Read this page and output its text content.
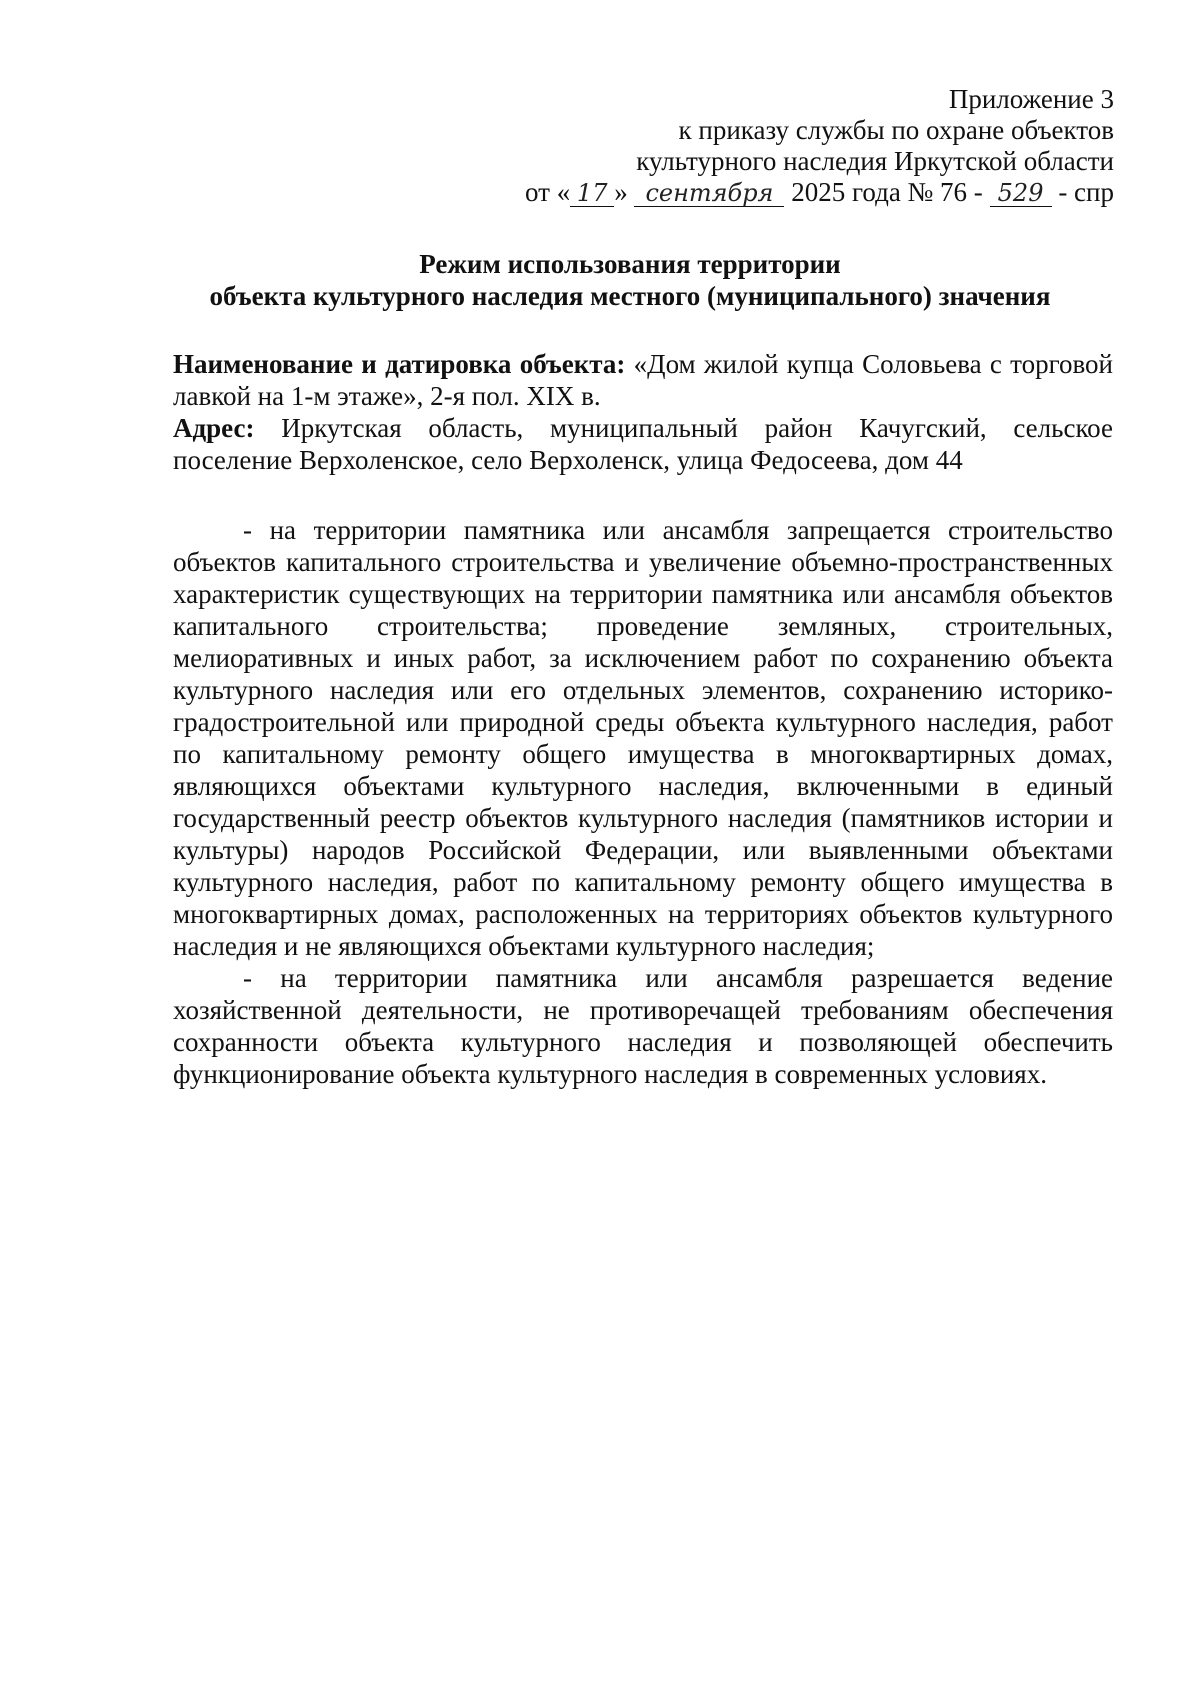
Приложение 3
к приказу службы по охране объектов
культурного наследия Иркутской области
от « 17 » сентября 2025 года № 76 - 529 - спр
Режим использования территории
объекта культурного наследия местного (муниципального) значения
Наименование и датировка объекта: «Дом жилой купца Соловьева с торговой лавкой на 1-м этаже», 2-я пол. XIX в.
Адрес: Иркутская область, муниципальный район Качугский, сельское поселение Верхоленское, село Верхоленск, улица Федосеева, дом 44

- на территории памятника или ансамбля запрещается строительство объектов капитального строительства и увеличение объемно-пространственных характеристик существующих на территории памятника или ансамбля объектов капитального строительства; проведение земляных, строительных, мелиоративных и иных работ, за исключением работ по сохранению объекта культурного наследия или его отдельных элементов, сохранению историко-градостроительной или природной среды объекта культурного наследия, работ по капитальному ремонту общего имущества в многоквартирных домах, являющихся объектами культурного наследия, включенными в единый государственный реестр объектов культурного наследия (памятников истории и культуры) народов Российской Федерации, или выявленными объектами культурного наследия, работ по капитальному ремонту общего имущества в многоквартирных домах, расположенных на территориях объектов культурного наследия и не являющихся объектами культурного наследия;

- на территории памятника или ансамбля разрешается ведение хозяйственной деятельности, не противоречащей требованиям обеспечения сохранности объекта культурного наследия и позволяющей обеспечить функционирование объекта культурного наследия в современных условиях.
